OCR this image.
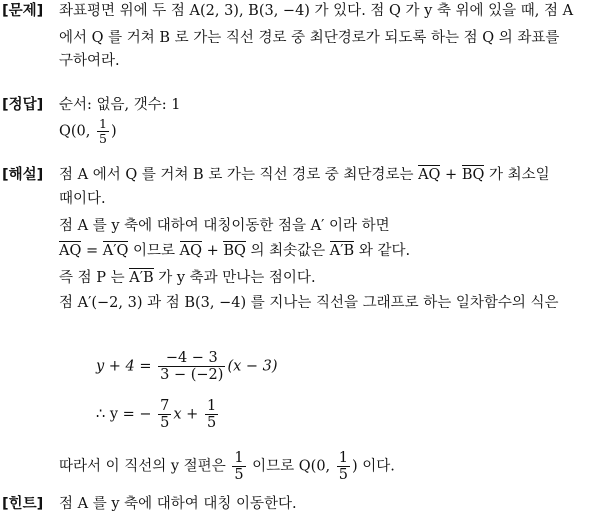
[문제] 좌표평면 위에 두 점 A(2, 3), B(3, −4) 가 있다. 점 Q 가 y 축 위에 있을 때, 점 A
에서 Q 를 거쳐 B 로 가는 직선 경로 중 최단경로가 되도록 하는 점 Q 의 좌표를
구하여라.
[정답] 순서: 없음, 갯수: 1
Q(0, $\frac{1}{5}$ )
[해설] 점 A 에서 Q 를 거쳐 B 로 가는 직선 경로 중 최단경로는 AQ + BQ 가 최소일
때이다.
점 A 를 y 축에 대하여 대칭이동한 점을 A′ 이라 하면
AQ = A′Q 이므로 AQ + BQ 의 최솟값은 A′B 와 같다.
즉 점 P 는 A′B 가 y 축과 만나는 점이다.
점 A′(−2, 3) 과 점 B(3, −4) 를 지나는 직선을 그래프로 하는 일차함수의 식은
$y + 4 = \frac{-4 - 3}{3 - (-2)} (x - 3)$
∴ y = − $\frac{7}{5}$ $x + \frac{1}{5}$
따라서 이 직선의 y 절편은 $\frac{1}{5}$ 이므로 Q(0, $\frac{1}{5}$ ) 이다.
[힌트] 점 A 를 y 축에 대하여 대칭 이동한다.
